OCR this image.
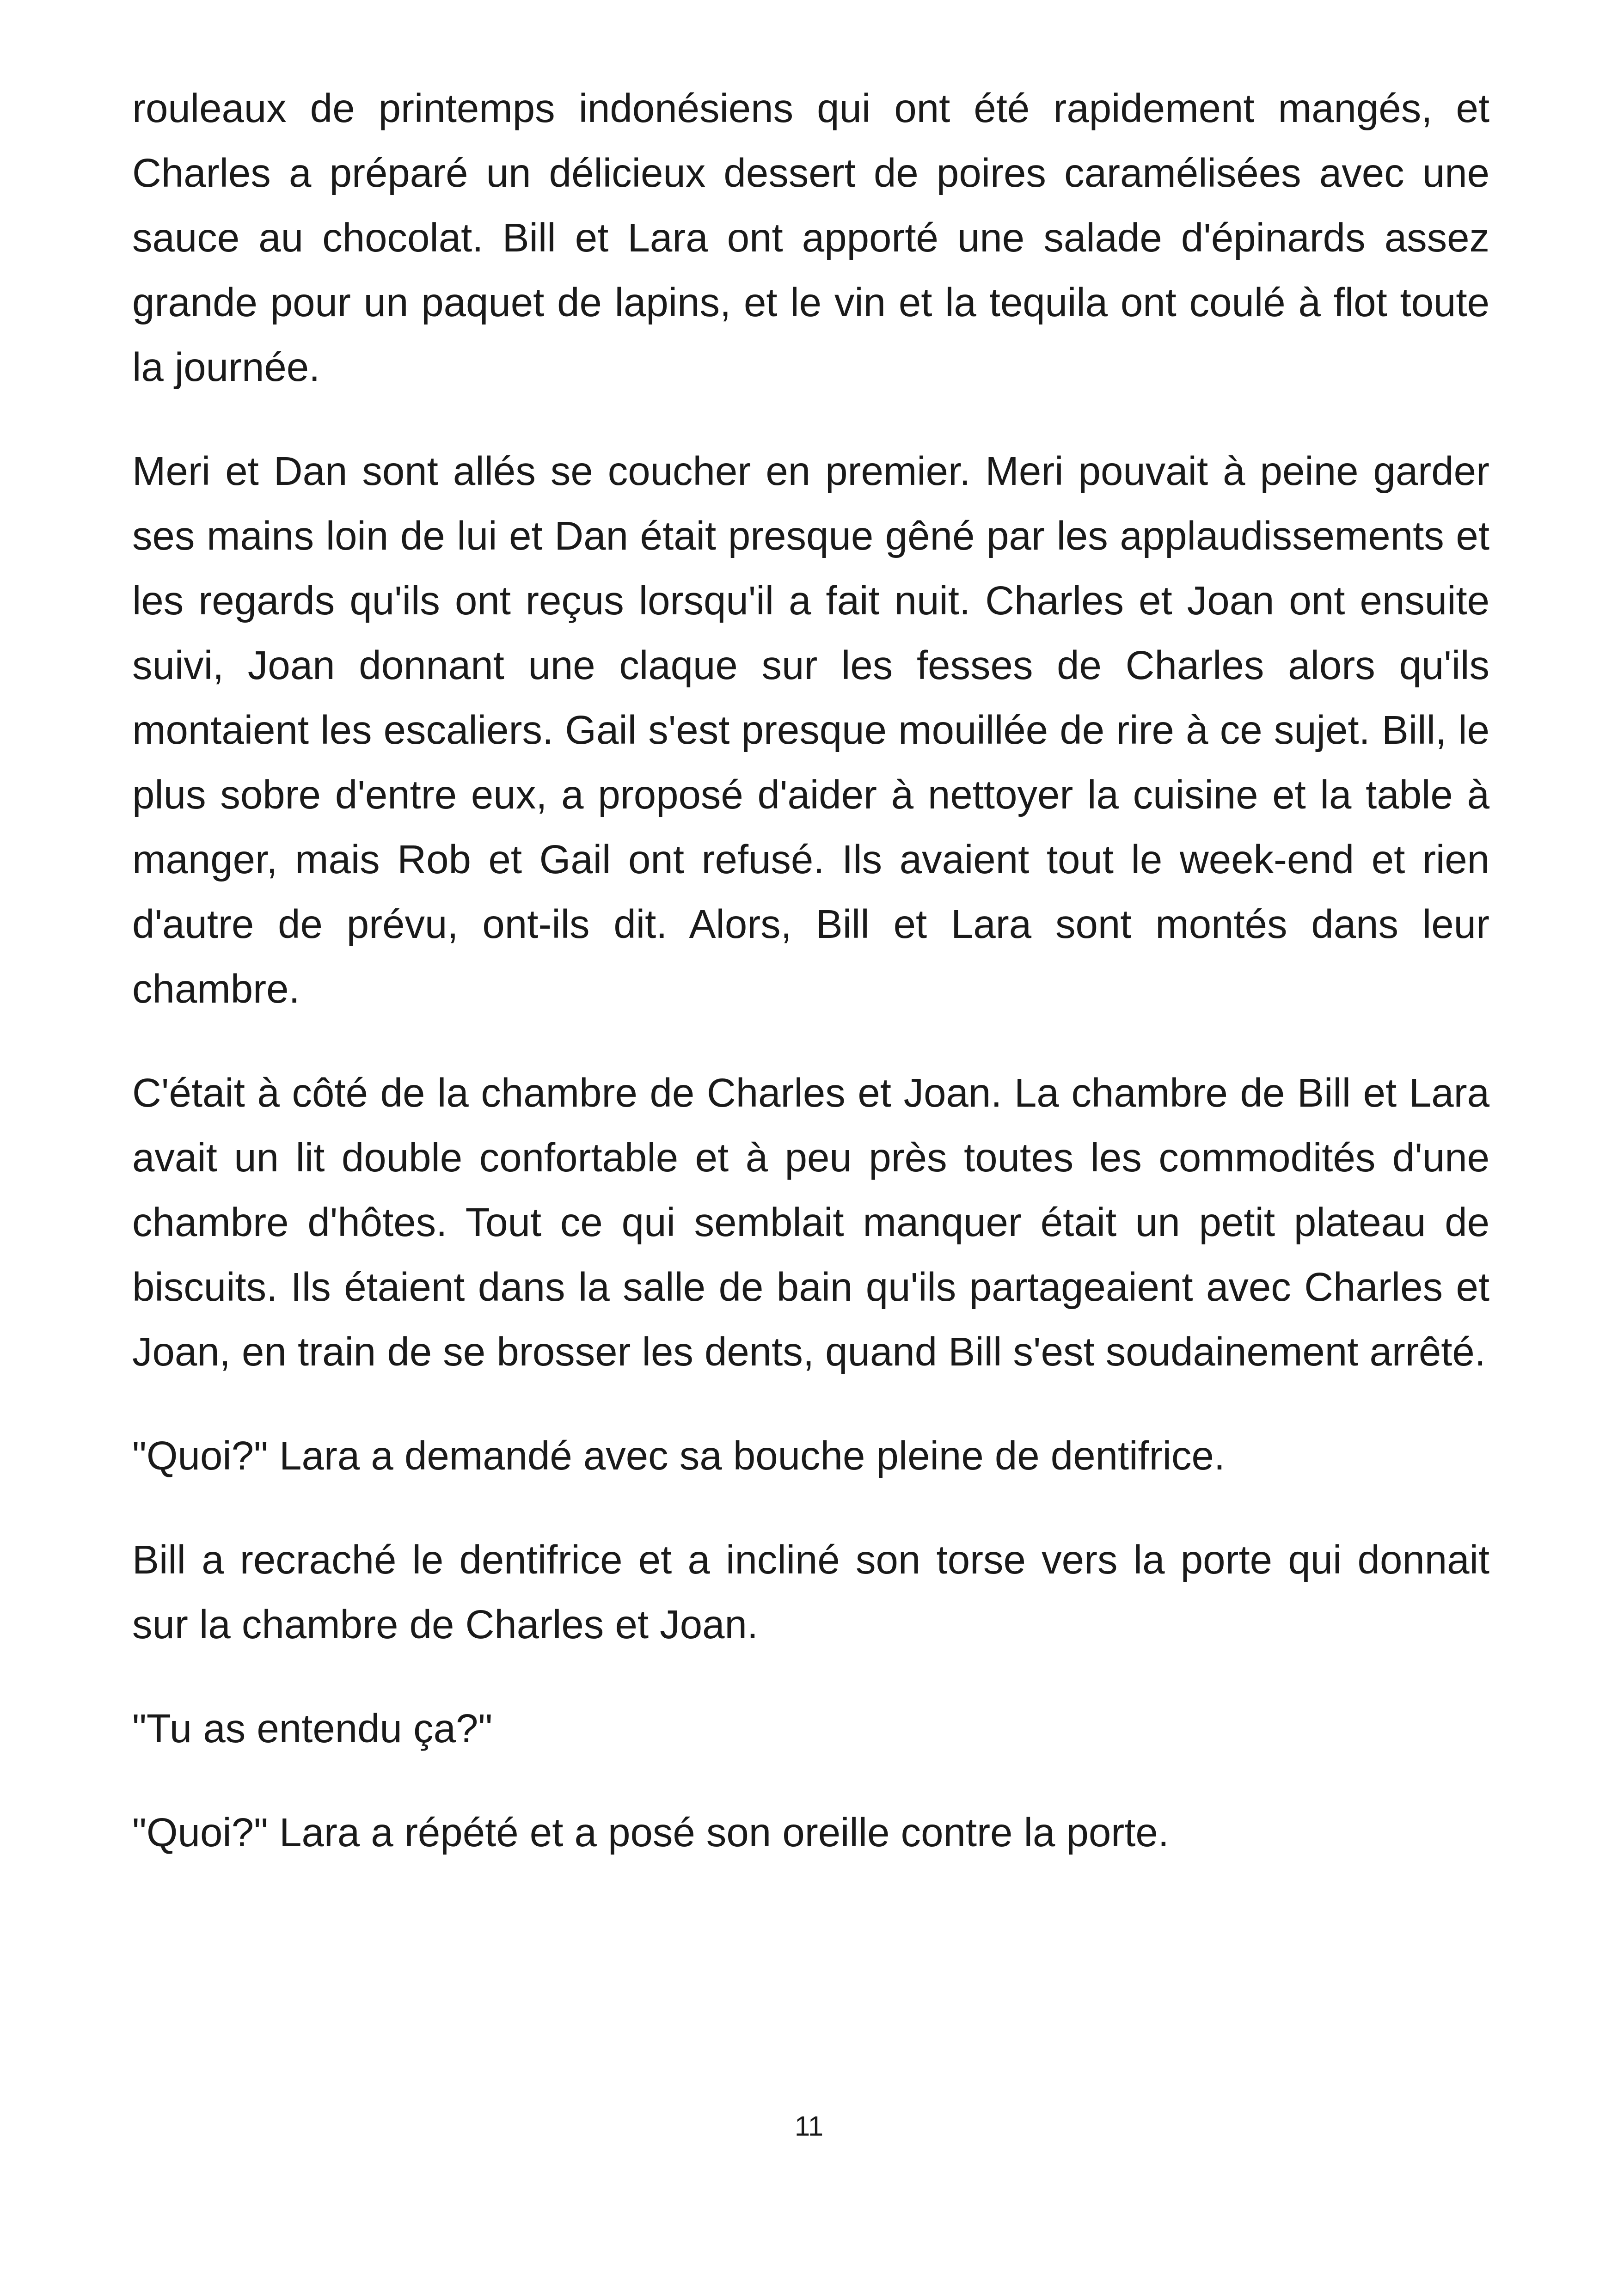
rouleaux de printemps indonésiens qui ont été rapidement mangés, et Charles a préparé un délicieux dessert de poires caramélisées avec une sauce au chocolat. Bill et Lara ont apporté une salade d'épinards assez grande pour un paquet de lapins, et le vin et la tequila ont coulé à flot toute la journée.

Meri et Dan sont allés se coucher en premier. Meri pouvait à peine garder ses mains loin de lui et Dan était presque gêné par les applaudissements et les regards qu'ils ont reçus lorsqu'il a fait nuit. Charles et Joan ont ensuite suivi, Joan donnant une claque sur les fesses de Charles alors qu'ils montaient les escaliers. Gail s'est presque mouillée de rire à ce sujet. Bill, le plus sobre d'entre eux, a proposé d'aider à nettoyer la cuisine et la table à manger, mais Rob et Gail ont refusé. Ils avaient tout le week-end et rien d'autre de prévu, ont-ils dit. Alors, Bill et Lara sont montés dans leur chambre.

C'était à côté de la chambre de Charles et Joan. La chambre de Bill et Lara avait un lit double confortable et à peu près toutes les commodités d'une chambre d'hôtes. Tout ce qui semblait manquer était un petit plateau de biscuits. Ils étaient dans la salle de bain qu'ils partageaient avec Charles et Joan, en train de se brosser les dents, quand Bill s'est soudainement arrêté.

"Quoi?" Lara a demandé avec sa bouche pleine de dentifrice.

Bill a recraché le dentifrice et a incliné son torse vers la porte qui donnait sur la chambre de Charles et Joan.

"Tu as entendu ça?"

"Quoi?" Lara a répété et a posé son oreille contre la porte.

11
